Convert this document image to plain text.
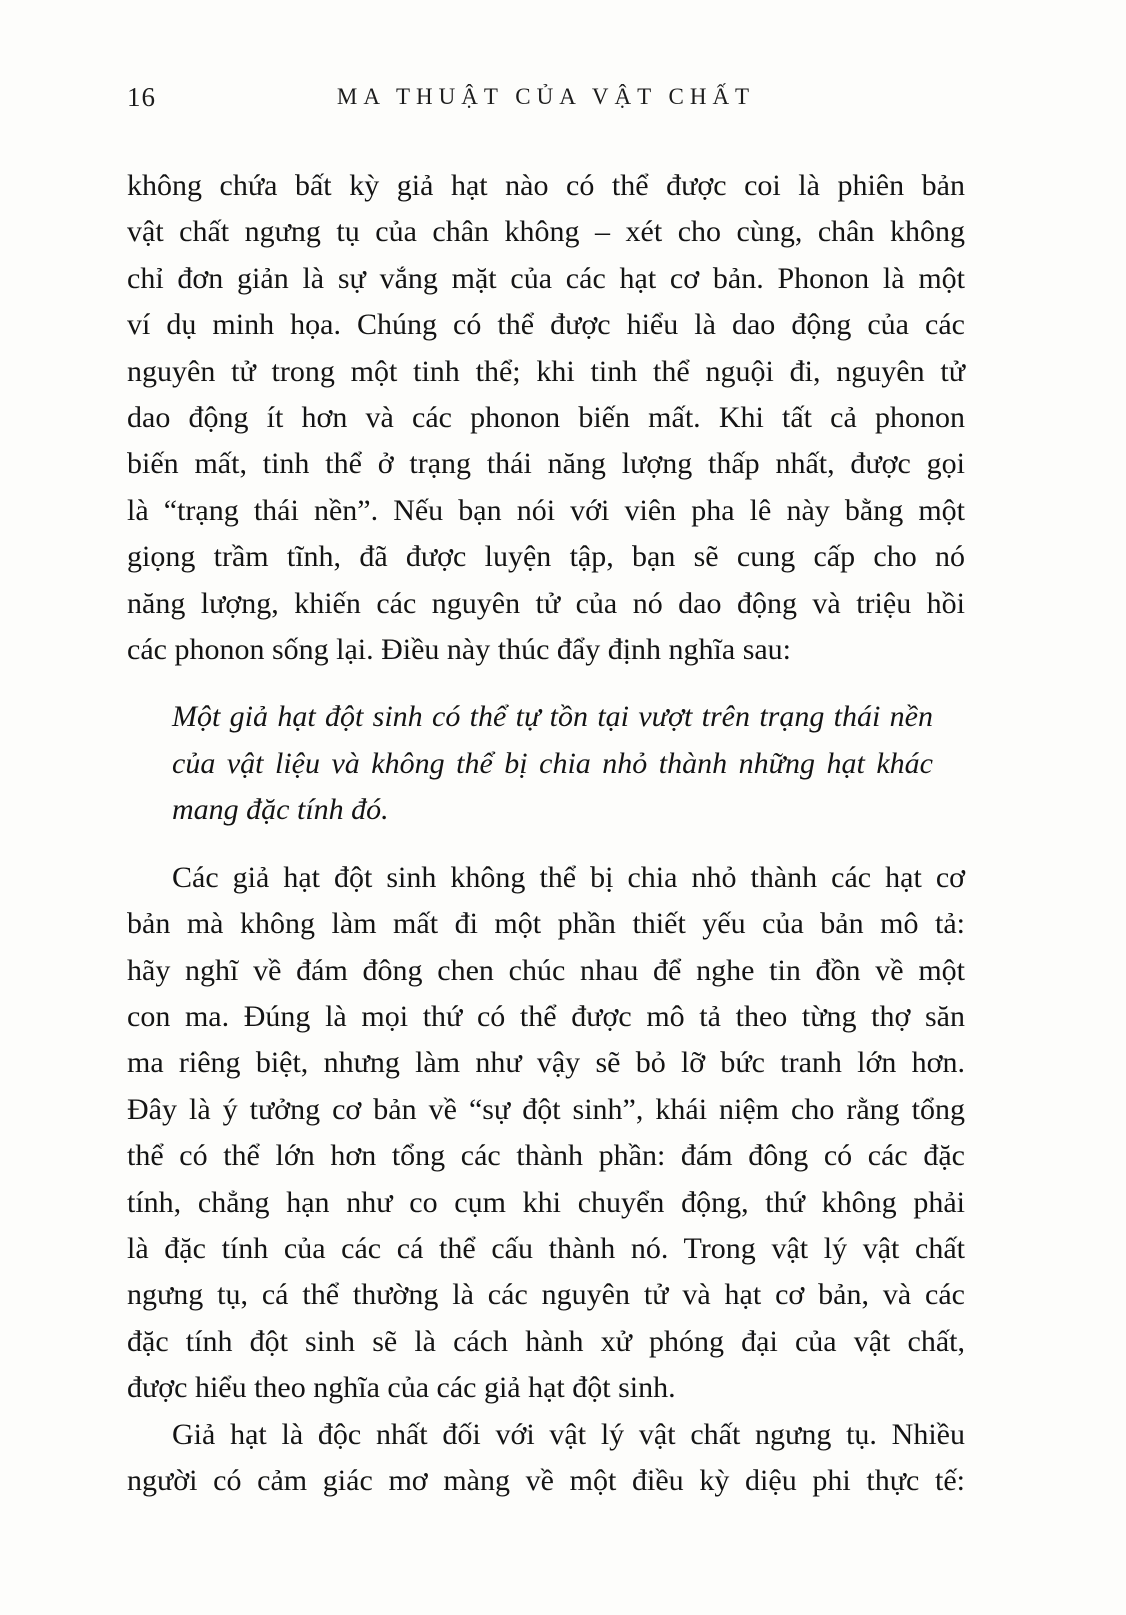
16	MA THUẬT CỦA VẬT CHẤT
không chứa bất kỳ giả hạt nào có thể được coi là phiên bản
vật chất ngưng tụ của chân không – xét cho cùng, chân không
chỉ đơn giản là sự vắng mặt của các hạt cơ bản. Phonon là một
ví dụ minh họa. Chúng có thể được hiểu là dao động của các
nguyên tử trong một tinh thể; khi tinh thể nguội đi, nguyên tử
dao động ít hơn và các phonon biến mất. Khi tất cả phonon
biến mất, tinh thể ở trạng thái năng lượng thấp nhất, được gọi
là “trạng thái nền”. Nếu bạn nói với viên pha lê này bằng một
giọng trầm tĩnh, đã được luyện tập, bạn sẽ cung cấp cho nó
năng lượng, khiến các nguyên tử của nó dao động và triệu hồi
các phonon sống lại. Điều này thúc đẩy định nghĩa sau:
Một giả hạt đột sinh có thể tự tồn tại vượt trên trạng thái nền
của vật liệu và không thể bị chia nhỏ thành những hạt khác
mang đặc tính đó.
Các giả hạt đột sinh không thể bị chia nhỏ thành các hạt cơ
bản mà không làm mất đi một phần thiết yếu của bản mô tả:
hãy nghĩ về đám đông chen chúc nhau để nghe tin đồn về một
con ma. Đúng là mọi thứ có thể được mô tả theo từng thợ săn
ma riêng biệt, nhưng làm như vậy sẽ bỏ lỡ bức tranh lớn hơn.
Đây là ý tưởng cơ bản về “sự đột sinh”, khái niệm cho rằng tổng
thể có thể lớn hơn tổng các thành phần: đám đông có các đặc
tính, chẳng hạn như co cụm khi chuyển động, thứ không phải
là đặc tính của các cá thể cấu thành nó. Trong vật lý vật chất
ngưng tụ, cá thể thường là các nguyên tử và hạt cơ bản, và các
đặc tính đột sinh sẽ là cách hành xử phóng đại của vật chất,
được hiểu theo nghĩa của các giả hạt đột sinh.
Giả hạt là độc nhất đối với vật lý vật chất ngưng tụ. Nhiều
người có cảm giác mơ màng về một điều kỳ diệu phi thực tế:
